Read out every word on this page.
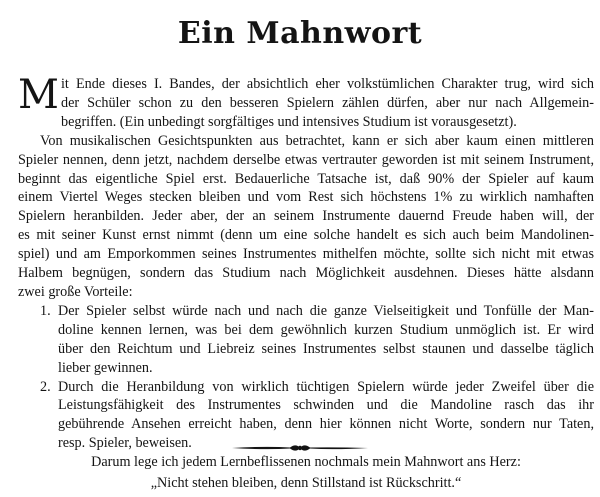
Ein Mahnwort
M it Ende dieses I. Bandes, der absichtlich eher volkstümlichen Charakter trug, wird sich
der Schüler schon zu den besseren Spielern zählen dürfen, aber nur nach Allgemein-
begriffen. (Ein unbedingt sorgfältiges und intensives Studium ist vorausgesetzt).
Von musikalischen Gesichtspunkten aus betrachtet, kann er sich aber kaum einen mittleren
Spieler nennen, denn jetzt, nachdem derselbe etwas vertrauter geworden ist mit seinem Instrument,
beginnt das eigentliche Spiel erst. Bedauerliche Tatsache ist, daß 90% der Spieler auf kaum
einem Viertel Weges stecken bleiben und vom Rest sich höchstens 1% zu wirklich namhaften
Spielern heranbilden. Jeder aber, der an seinem Instrumente dauernd Freude haben will, der
es mit seiner Kunst ernst nimmt (denn um eine solche handelt es sich auch beim Mandolinen-
spiel) und am Emporkommen seines Instrumentes mithelfen möchte, sollte sich nicht mit etwas
Halbem begnügen, sondern das Studium nach Möglichkeit ausdehnen. Dieses hätte alsdann
zwei große Vorteile:
1. Der Spieler selbst würde nach und nach die ganze Vielseitigkeit und Tonfülle der Man-
doline kennen lernen, was bei dem gewöhnlich kurzen Studium unmöglich ist. Er wird
über den Reichtum und Liebreiz seines Instrumentes selbst staunen und dasselbe täglich
lieber gewinnen.
2. Durch die Heranbildung von wirklich tüchtigen Spielern würde jeder Zweifel über die
Leistungsfähigkeit des Instrumentes schwinden und die Mandoline rasch das ihr
gebührende Ansehen erreicht haben, denn hier können nicht Worte, sondern nur Taten,
resp. Spieler, beweisen.
Darum lege ich jedem Lernbeflissenen nochmals mein Mahnwort ans Herz:
„Nicht stehen bleiben, denn Stillstand ist Rückschritt.“
